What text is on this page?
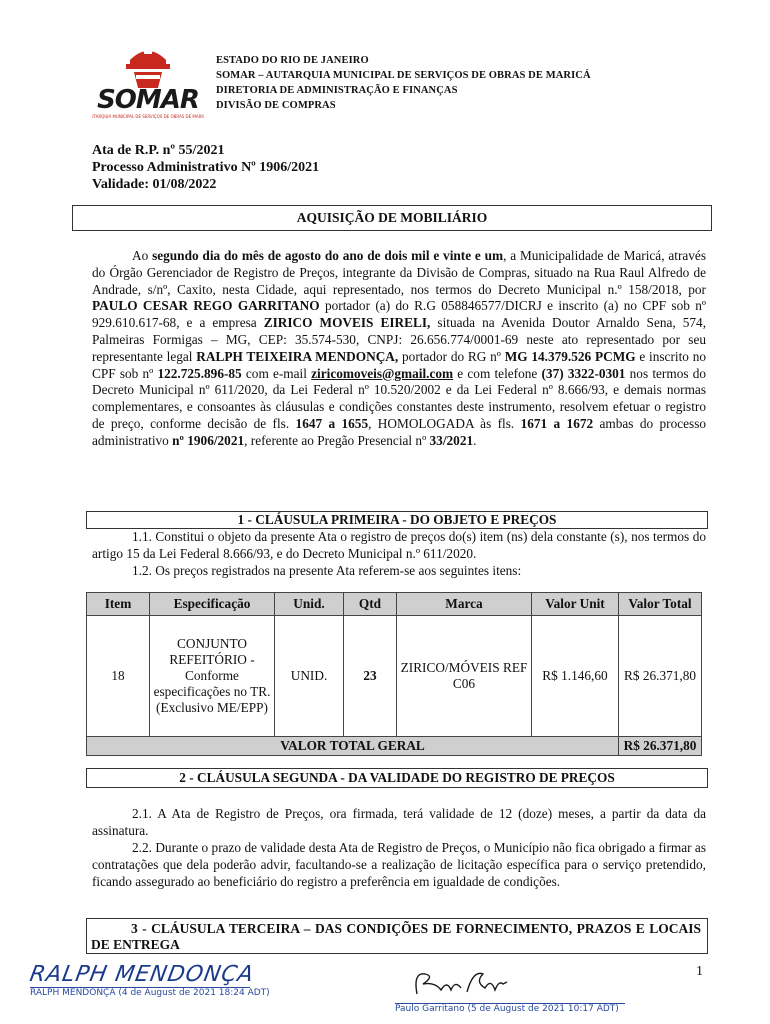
SOMAR
AUTARQUIA MUNICIPAL DE SERVIÇOS DE OBRAS DE MARICÁ
ESTADO DO RIO DE JANEIRO
SOMAR – AUTARQUIA MUNICIPAL DE SERVIÇOS DE OBRAS DE MARICÁ
DIRETORIA DE ADMINISTRAÇÃO E FINANÇAS
DIVISÃO DE COMPRAS
Ata de R.P. nº 55/2021
Processo Administrativo Nº 1906/2021
Validade: 01/08/2022
AQUISIÇÃO DE MOBILIÁRIO
Ao segundo dia do mês de agosto do ano de dois mil e vinte e um, a Municipalidade de Maricá, através do Órgão Gerenciador de Registro de Preços, integrante da Divisão de Compras, situado na Rua Raul Alfredo de Andrade, s/nº, Caxito, nesta Cidade, aqui representado, nos termos do Decreto Municipal n.º 158/2018, por PAULO CESAR REGO GARRITANO portador (a) do R.G 058846577/DICRJ e inscrito (a) no CPF sob nº 929.610.617-68, e a empresa ZIRICO MOVEIS EIRELI, situada na Avenida Doutor Arnaldo Sena, 574, Palmeiras Formigas – MG, CEP: 35.574-530, CNPJ: 26.656.774/0001-69 neste ato representado por seu representante legal RALPH TEIXEIRA MENDONÇA, portador do RG nº MG 14.379.526 PCMG e inscrito no CPF sob nº 122.725.896-85 com e-mail ziricomoveis@gmail.com e com telefone (37) 3322-0301 nos termos do Decreto Municipal nº 611/2020, da Lei Federal nº 10.520/2002 e da Lei Federal nº 8.666/93, e demais normas complementares, e consoantes às cláusulas e condições constantes deste instrumento, resolvem efetuar o registro de preço, conforme decisão de fls. 1647 a 1655, HOMOLOGADA às fls. 1671 a 1672 ambas do processo administrativo nº 1906/2021, referente ao Pregão Presencial nº 33/2021.
1 - CLÁUSULA PRIMEIRA - DO OBJETO E PREÇOS
1.1. Constitui o objeto da presente Ata o registro de preços do(s) item (ns) dela constante (s), nos termos do artigo 15 da Lei Federal 8.666/93, e do Decreto Municipal n.º 611/2020.
1.2. Os preços registrados na presente Ata referem-se aos seguintes itens:
Item	Especificação	Unid.	Qtd	Marca	Valor Unit	Valor Total
18	CONJUNTO REFEITÓRIO - Conforme especificações no TR.(Exclusivo ME/EPP)	UNID.	23	ZIRICO/MÓVEIS REF C06	R$ 1.146,60	R$ 26.371,80
VALOR TOTAL GERAL						R$ 26.371,80
2 - CLÁUSULA SEGUNDA - DA VALIDADE DO REGISTRO DE PREÇOS
2.1. A Ata de Registro de Preços, ora firmada, terá validade de 12 (doze) meses, a partir da data da assinatura.
2.2. Durante o prazo de validade desta Ata de Registro de Preços, o Município não fica obrigado a firmar as contratações que dela poderão advir, facultando-se a realização de licitação específica para o serviço pretendido, ficando assegurado ao beneficiário do registro a preferência em igualdade de condições.
3 - CLÁUSULA TERCEIRA – DAS CONDIÇÕES DE FORNECIMENTO, PRAZOS E LOCAIS DE ENTREGA
1
RALPH MENDONÇA
RALPH MENDONÇA (4 de August de 2021 18:24 ADT)
Paulo Garritano (5 de August de 2021 10:17 ADT)
